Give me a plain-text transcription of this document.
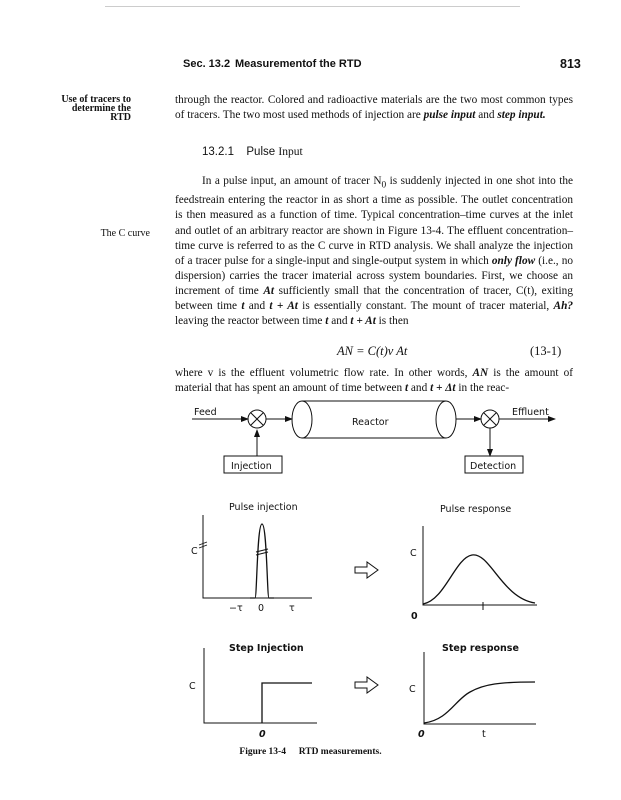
Sec. 13.2 Measurementof the RTD	813
Use of tracers to determine the RTD
The C curve
through the reactor. Colored and radioactive materials are the two most common types of tracers. The two most used methods of injection are pulse input and step input.
13.2.1 Pulse Input
In a pulse input, an amount of tracer $N_0$ is suddenly injected in one shot into the feedstreain entering the reactor in as short a time as possible. The outlet concentration is then measured as a function of time. Typical concentration–time curves at the inlet and outlet of an arbitrary reactor are shown in Figure 13-4. The effluent concentration–time curve is referred to as the C curve in RTD analysis. We shall analyze the injection of a tracer pulse for a single-input and single-output system in which only flow (i.e., no dispersion) carries the tracer imaterial across system boundaries. First, we choose an increment of time At sufficiently small that the concentration of tracer, C(t), exiting between time t and t + At is essentially constant. The mount of tracer material, Ah? leaving the reactor between time t and t + At is then
AN = C(t)v At	(13-1)
where v is the effluent volumetric flow rate. In other words, AN is the amount of material that has spent an amount of time between t and t + Δt in the reac-
Feed
Reactor
Effluent
Injection	Detection
Pulse injection	Pulse response
C
−τ 0	τ
C
0
Step Injection	Step response
C	C
0	0	t
Figure 13-4 RTD measurements.
